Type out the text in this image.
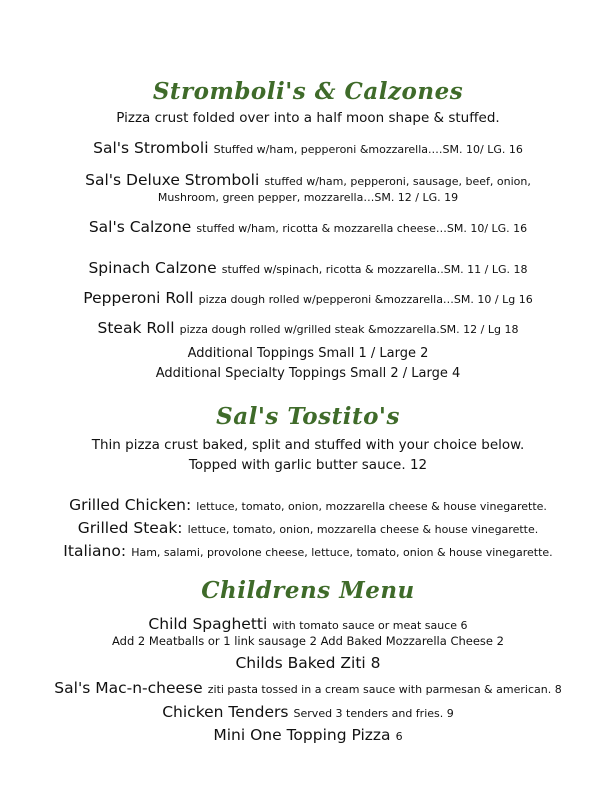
Stromboli's & Calzones
Pizza crust folded over into a half moon shape & stuffed.
Sal's Stromboli Stuffed w/ham, pepperoni &mozzarella.…SM. 10/ LG. 16
Sal's Deluxe Stromboli stuffed w/ham, pepperoni, sausage, beef, onion,
Mushroom, green pepper, mozzarella…SM. 12 / LG. 19
Sal's Calzone stuffed w/ham, ricotta & mozzarella cheese…SM. 10/ LG. 16
Spinach Calzone stuffed w/spinach, ricotta & mozzarella..SM. 11 / LG. 18
Pepperoni Roll pizza dough rolled w/pepperoni &mozzarella…SM. 10 / Lg 16
Steak Roll pizza dough rolled w/grilled steak &mozzarella.SM. 12 / Lg 18
Additional Toppings Small 1 / Large 2
Additional Specialty Toppings Small 2 / Large 4
Sal's Tostito's
Thin pizza crust baked, split and stuffed with your choice below.
Topped with garlic butter sauce. 12
Grilled Chicken: lettuce, tomato, onion, mozzarella cheese & house vinegarette.
Grilled Steak: lettuce, tomato, onion, mozzarella cheese & house vinegarette.
Italiano: Ham, salami, provolone cheese, lettuce, tomato, onion & house vinegarette.
Childrens Menu
Child Spaghetti with tomato sauce or meat sauce 6
Add 2 Meatballs or 1 link sausage 2 Add Baked Mozzarella Cheese 2
Childs Baked Ziti 8
Sal's Mac-n-cheese ziti pasta tossed in a cream sauce with parmesan & american. 8
Chicken Tenders Served 3 tenders and fries. 9
Mini One Topping Pizza 6
